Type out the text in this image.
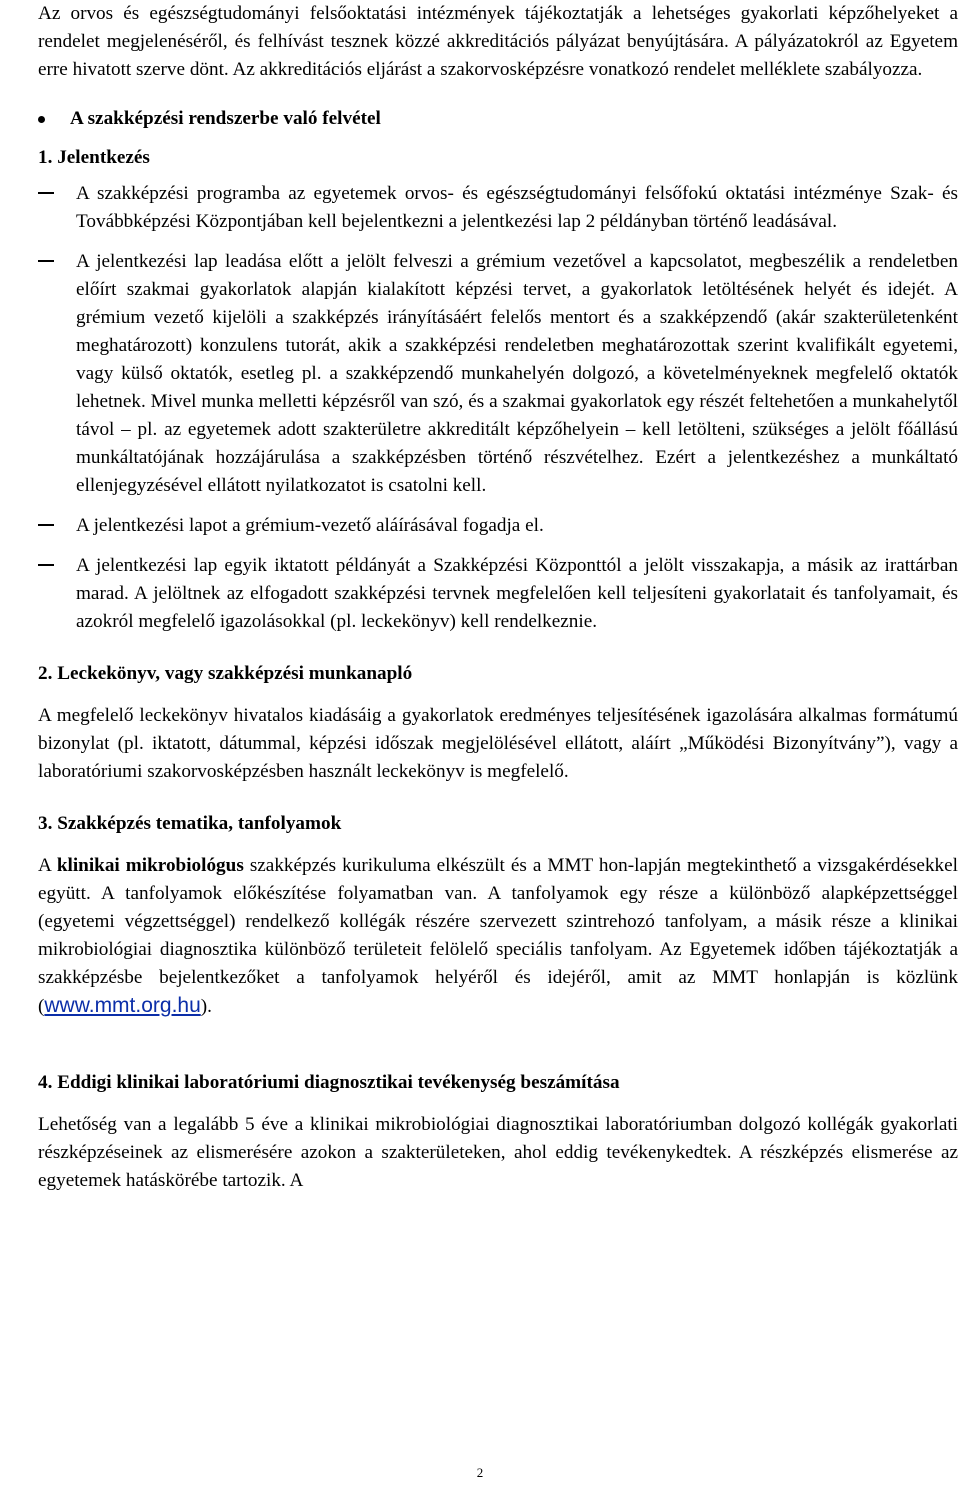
Az orvos és egészségtudományi felsőoktatási intézmények tájékoztatják a lehetséges gyakorlati képzőhelyeket a rendelet megjelenéséről, és felhívást tesznek közzé akkreditációs pályázat benyújtására. A pályázatokról az Egyetem erre hivatott szerve dönt. Az akkreditációs eljárást a szakorvosképzésre vonatkozó rendelet melléklete szabályozza.

A szakképzési rendszerbe való felvétel
1. Jelentkezés
A szakképzési programba az egyetemek orvos- és egészségtudományi felsőfokú oktatási intézménye Szak- és Továbbképzési Központjában kell bejelentkezni a jelentkezési lap 2 példányban történő leadásával.
A jelentkezési lap leadása előtt a jelölt felveszi a grémium vezetővel a kapcsolatot, megbeszélik a rendeletben előírt szakmai gyakorlatok alapján kialakított képzési tervet, a gyakorlatok letöltésének helyét és idejét. A grémium vezető kijelöli a szakképzés irányításáért felelős mentort és a szakképzendő (akár szakterületenként meghatározott) konzulens tutorát, akik a szakképzési rendeletben meghatározottak szerint kvalifikált egyetemi, vagy külső oktatók, esetleg pl. a szakképzendő munkahelyén dolgozó, a követelményeknek megfelelő oktatók lehetnek. Mivel munka melletti képzésről van szó, és a szakmai gyakorlatok egy részét feltehetően a munkahelytől távol – pl. az egyetemek adott szakterületre akkreditált képzőhelyein – kell letölteni, szükséges a jelölt főállású munkáltatójának hozzájárulása a szakképzésben történő részvételhez. Ezért a jelentkezéshez a munkáltató ellenjegyzésével ellátott nyilatkozatot is csatolni kell.
A jelentkezési lapot a grémium-vezető aláírásával fogadja el.
A jelentkezési lap egyik iktatott példányát a Szakképzési Központtól a jelölt visszakapja, a másik az irattárban marad. A jelöltnek az elfogadott szakképzési tervnek megfelelően kell teljesíteni gyakorlatait és tanfolyamait, és azokról megfelelő igazolásokkal (pl. leckekönyv) kell rendelkeznie.
2. Leckekönyv, vagy szakképzési munkanapló

A megfelelő leckekönyv hivatalos kiadásáig a gyakorlatok eredményes teljesítésének igazolására alkalmas formátumú bizonylat (pl. iktatott, dátummal, képzési időszak megjelölésével ellátott, aláírt „Működési Bizonyítvány”), vagy a laboratóriumi szakorvosképzésben használt leckekönyv is megfelelő.

3. Szakképzés tematika, tanfolyamok

A klinikai mikrobiológus szakképzés kurikuluma elkészült és a MMT hon-lapján megtekinthető a vizsgakérdésekkel együtt. A tanfolyamok előkészítése folyamatban van. A tanfolyamok egy része a különböző alapképzettséggel (egyetemi végzettséggel) rendelkező kollégák részére szervezett szintrehozó tanfolyam, a másik része a klinikai mikrobiológiai diagnosztika különböző területeit felölelő speciális tanfolyam. Az Egyetemek időben tájékoztatják a szakképzésbe bejelentkezőket a tanfolyamok helyéről és idejéről, amit az MMT honlapján is közlünk (www.mmt.org.hu).

4. Eddigi klinikai laboratóriumi diagnosztikai tevékenység beszámítása

Lehetőség van a legalább 5 éve a klinikai mikrobiológiai diagnosztikai laboratóriumban dolgozó kollégák gyakorlati részképzéseinek az elismerésére azokon a szakterületeken, ahol eddig tevékenykedtek. A részképzés elismerése az egyetemek hatáskörébe tartozik. A

2
